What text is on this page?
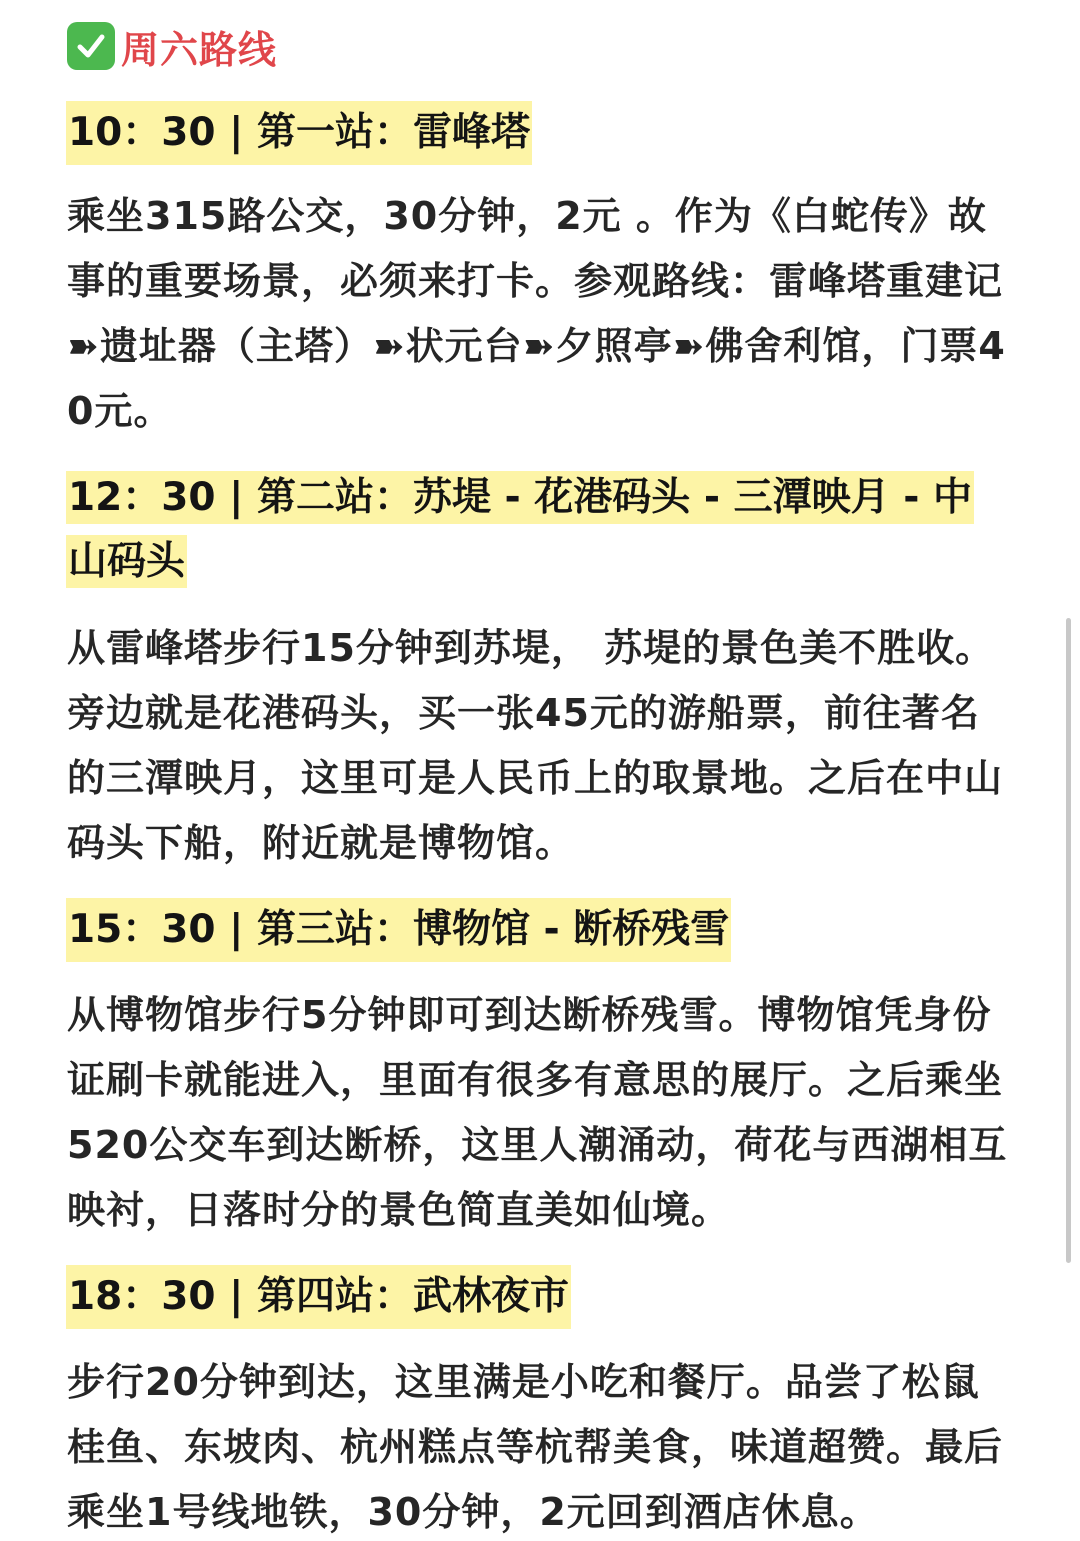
周六路线
10：30 | 第一站：雷峰塔
乘坐315路公交，30分钟，2元 。作为《白蛇传》故事的重要场景，必须来打卡。参观路线：雷峰塔重建记➽遗址器（主塔）➽状元台➽夕照亭➽佛舍利馆，门票40元。
12：30 | 第二站：苏堤 - 花港码头 - 三潭映月 - 中山码头
从雷峰塔步行15分钟到苏堤， 苏堤的景色美不胜收。旁边就是花港码头，买一张45元的游船票，前往著名的三潭映月，这里可是人民币上的取景地。之后在中山码头下船，附近就是博物馆。
15：30 | 第三站：博物馆 - 断桥残雪
从博物馆步行5分钟即可到达断桥残雪。博物馆凭身份证刷卡就能进入，里面有很多有意思的展厅。之后乘坐520公交车到达断桥，这里人潮涌动，荷花与西湖相互映衬，日落时分的景色简直美如仙境。
18：30 | 第四站：武林夜市
步行20分钟到达，这里满是小吃和餐厅。品尝了松鼠桂鱼、东坡肉、杭州糕点等杭帮美食，味道超赞。最后乘坐1号线地铁，30分钟，2元回到酒店休息。
